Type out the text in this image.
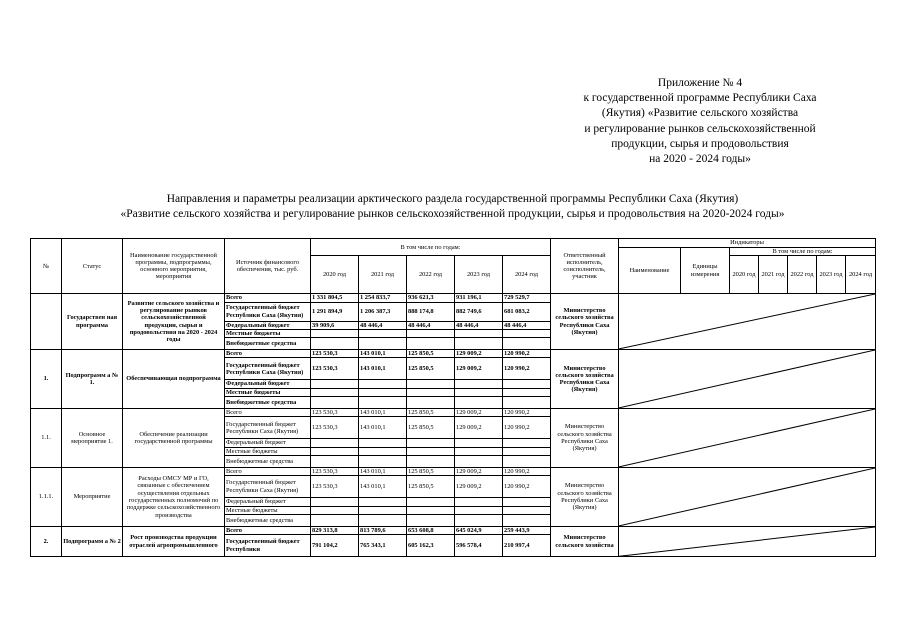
Приложение № 4
к государственной программе Республики Саха
(Якутия) «Развитие сельского хозяйства
и регулирование рынков сельскохозяйственной
продукции, сырья и продовольствия
на 2020 - 2024 годы»
Направления и параметры реализации арктического раздела государственной программы Республики Саха (Якутия)
«Развитие сельского хозяйства и регулирование рынков сельскохозяйственной продукции, сырья и продовольствия на 2020-2024 годы»
№	Статус	Наименование государственной программы, подпрограммы, основного мероприятия, мероприятия	Источник финансового обеспечения, тыс. руб.	В том числе по годам:					Ответственный исполнитель, соисполнитель, участник	Индикаторы						
										Наименование	Единицы измерения	В том числе по годам:				
				2020 год	2021 год	2022 год	2023 год	2024 год				2020 год	2021 год	2022 год	2023 год	2024 год
	Государствен ная программа	Развитие сельского хозяйства и регулирование рынков сельскохозяйственной продукции, сырья и продовольствия на 2020 - 2024 годы	Всего	1 331 804,5	1 254 833,7	936 621,3	931 196,1	729 529,7	Министерство сельского хозяйства Республики Саха (Якутия)	

			Государственный бюджет Республики Саха (Якутия)	1 291 894,9	1 206 387,3	888 174,8	882 749,6	681 083,2								
			Федеральный бюджет	39 909,6	48 446,4	48 446,4	48 446,4	48 446,4								
			Местные бюджеты													
			Внебюджетные средства													
1.	Подпрограмм а № 1.	Обеспечивающая подпрограмма	Всего	123 530,3	143 010,1	125 850,5	129 009,2	120 990,2	Министерство сельского хозяйства Республики Саха (Якутия)	

			Государственный бюджет Республики Саха (Якутия)	123 530,3	143 010,1	125 850,5	129 009,2	120 990,2								
			Федеральный бюджет													
			Местные бюджеты													
			Внебюджетные средства													
1.1.	Основное мероприятие 1.	Обеспечение реализации государственной программы	Всего	123 530,3	143 010,1	125 850,5	129 009,2	120 990,2	Министерство сельского хозяйства Республики Саха (Якутия)	

			Государственный бюджет Республики Саха (Якутия)	123 530,3	143 010,1	125 850,5	129 009,2	120 990,2								
			Федеральный бюджет													
			Местные бюджеты													
			Внебюджетные средства													
1.1.1.	Мероприятие	Расходы ОМСУ МР и ГО, связанные с обеспечением осуществления отдельных государственных полномочий по поддержке сельскохозяйственного производства	Всего	123 530,3	143 010,1	125 850,5	129 009,2	120 990,2	Министерство сельского хозяйства Республики Саха (Якутия)	

			Государственный бюджет Республики Саха (Якутия)	123 530,3	143 010,1	125 850,5	129 009,2	120 990,2								
			Федеральный бюджет													
			Местные бюджеты													
			Внебюджетные средства													
2.	Подпрограмм а № 2	Рост производства продукции отраслей агропромышленного	Всего	829 313,8	813 789,6	653 608,8	645 024,9	259 443,9	Министерство сельского хозяйства	

			Государственный бюджет Республики	791 104,2	765 343,1	605 162,3	596 578,4	210 997,4								
